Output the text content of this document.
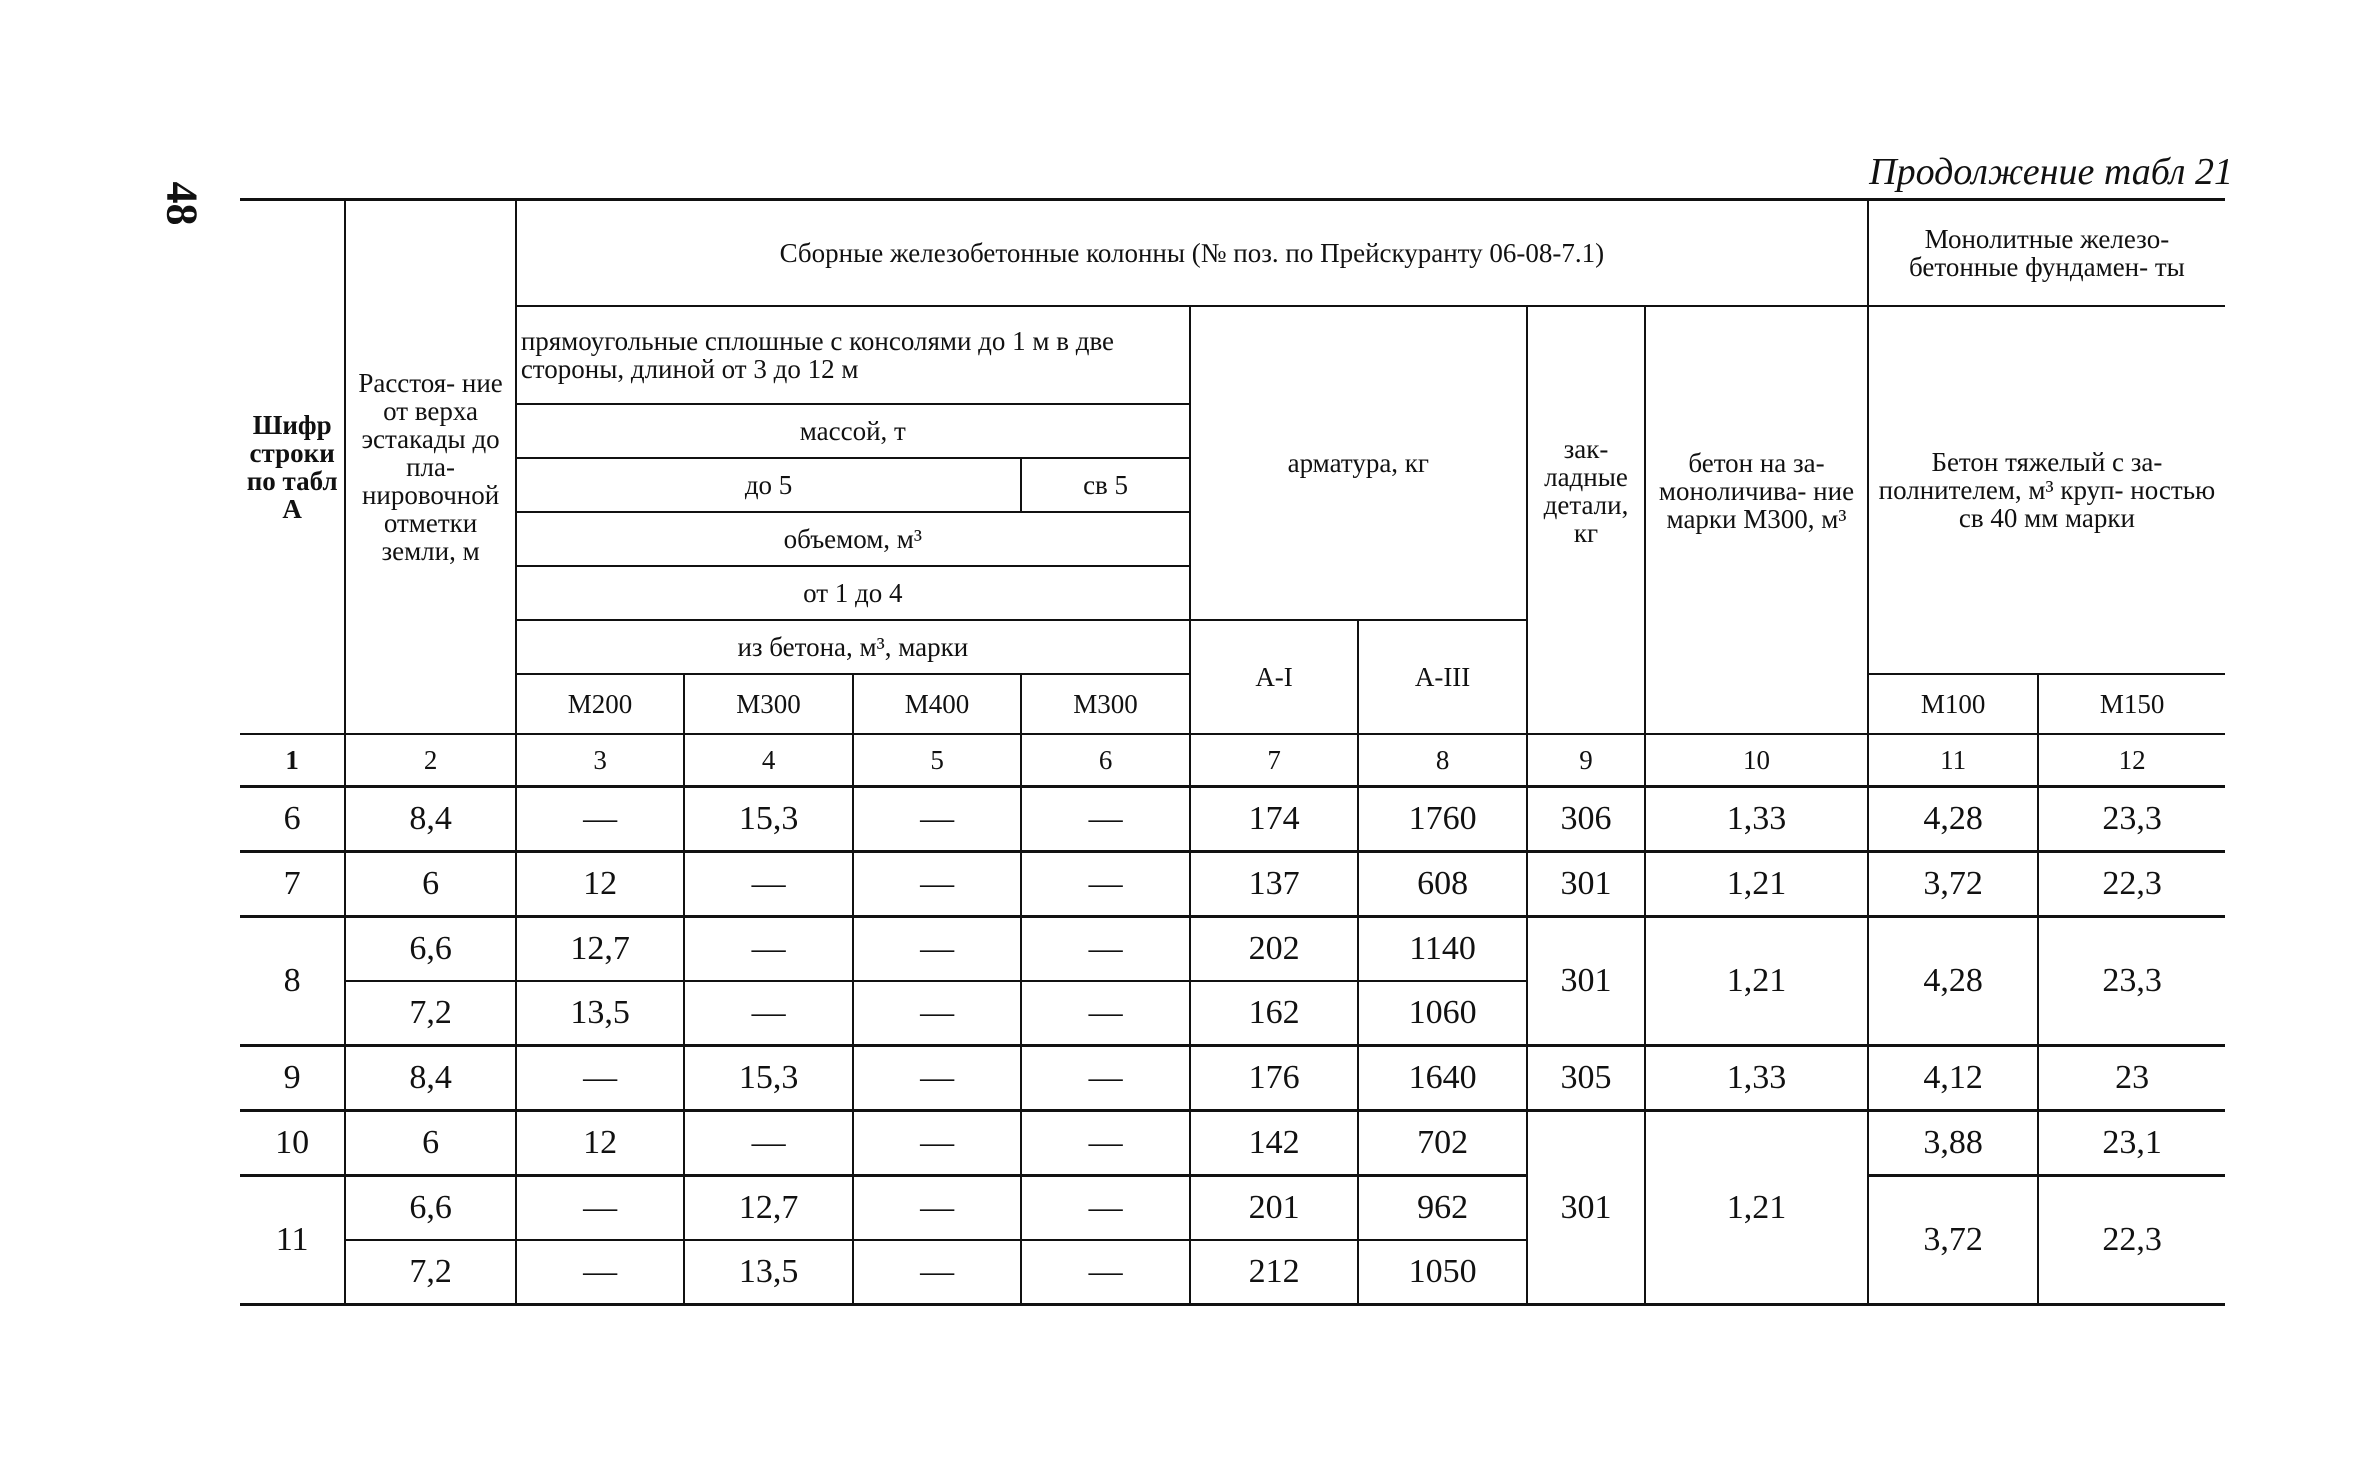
48
Продолжение табл 21
Шифр строки по табл А	Расстоя- ние от верха эстакады до пла- нировочной отметки земли, м	Сборные железобетонные колонны (№ поз. по Прейскуранту 06-08-7.1)								Монолитные железо- бетонные фундамен- ты	
		прямоугольные сплошные с консолями до 1 м в две стороны, длиной от 3 до 12 м				арматура, кг		зак- ладные детали, кг	бетон на за- моноличива- ние марки М300, м³	Бетон тяжелый с за- полнителем, м³ круп- ностью св 40 мм марки	
		массой, т									
		до 5			св 5						
		объемом, м³									
		от 1 до 4									
		из бетона, м³, марки				А-I	А-III				
		М200	М300	М400	М300					М100	М150
1	2	3	4	5	6	7	8	9	10	11	12
6	8,4	—	15,3	—	—	174	1760	306	1,33	4,28	23,3
7	6	12	—	—	—	137	608	301	1,21	3,72	22,3
8	6,6	12,7	—	—	—	202	1140	301	1,21	4,28	23,3
	7,2	13,5	—	—	—	162	1060				
9	8,4	—	15,3	—	—	176	1640	305	1,33	4,12	23
10	6	12	—	—	—	142	702	301	1,21	3,88	23,1
11	6,6	—	12,7	—	—	201	962			3,72	22,3
	7,2	—	13,5	—	—	212	1050				
